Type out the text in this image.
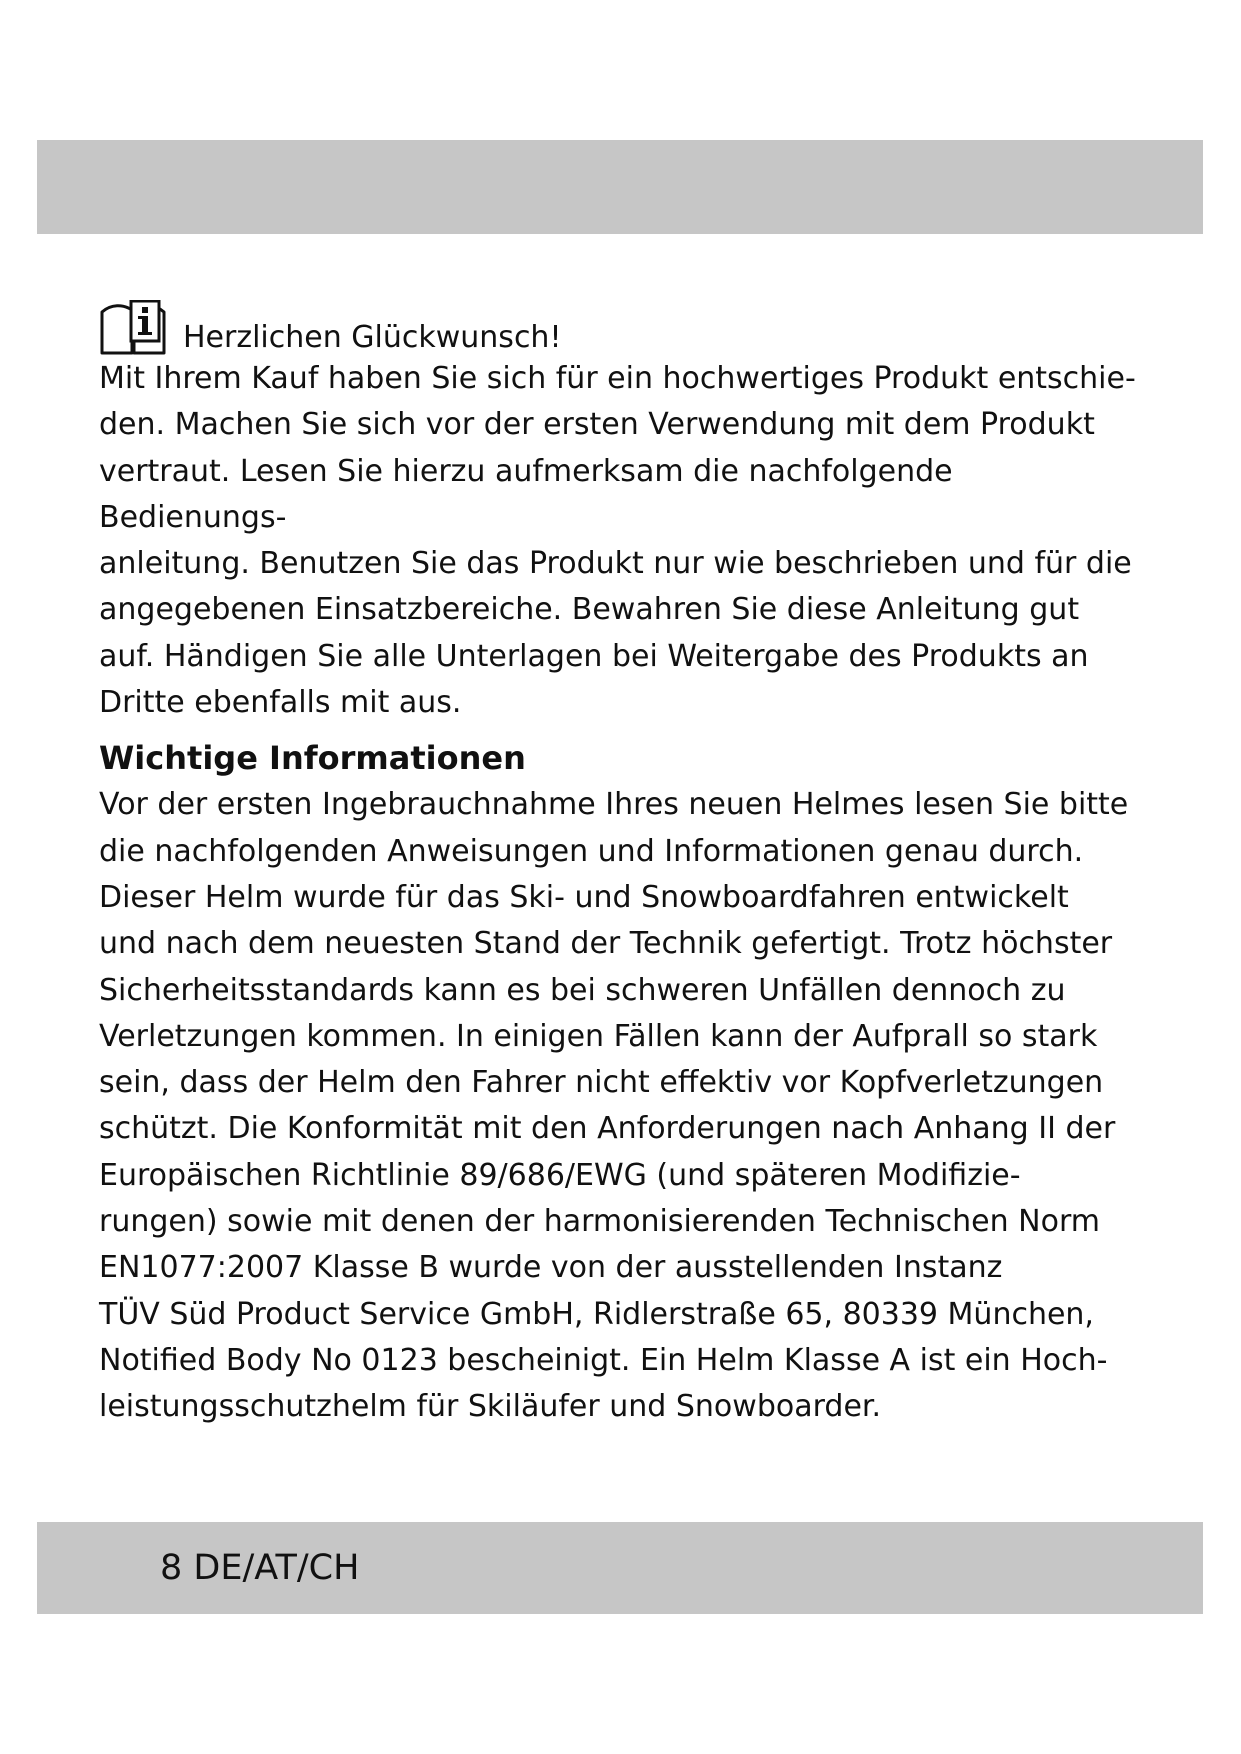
Herzlichen Glückwunsch!

Mit Ihrem Kauf haben Sie sich für ein hochwertiges Produkt entschie-
den. Machen Sie sich vor der ersten Verwendung mit dem Produkt
vertraut. Lesen Sie hierzu aufmerksam die nachfolgende Bedienungs-
anleitung. Benutzen Sie das Produkt nur wie beschrieben und für die
angegebenen Einsatzbereiche. Bewahren Sie diese Anleitung gut
auf. Händigen Sie alle Unterlagen bei Weitergabe des Produkts an
Dritte ebenfalls mit aus.

Wichtige Informationen

Vor der ersten Ingebrauchnahme Ihres neuen Helmes lesen Sie bitte
die nachfolgenden Anweisungen und Informationen genau durch.
Dieser Helm wurde für das Ski- und Snowboardfahren entwickelt
und nach dem neuesten Stand der Technik gefertigt. Trotz höchster
Sicherheitsstandards kann es bei schweren Unfällen dennoch zu
Verletzungen kommen. In einigen Fällen kann der Aufprall so stark
sein, dass der Helm den Fahrer nicht effektiv vor Kopfverletzungen
schützt. Die Konformität mit den Anforderungen nach Anhang II der
Europäischen Richtlinie 89/686/EWG (und späteren Modifizie-
rungen) sowie mit denen der harmonisierenden Technischen Norm
EN1077:2007 Klasse B wurde von der ausstellenden Instanz
TÜV Süd Product Service GmbH, Ridlerstraße 65, 80339 München,
Notified Body No 0123 bescheinigt. Ein Helm Klasse A ist ein Hoch-
leistungsschutzhelm für Skiläufer und Snowboarder.

8 DE/AT/CH
